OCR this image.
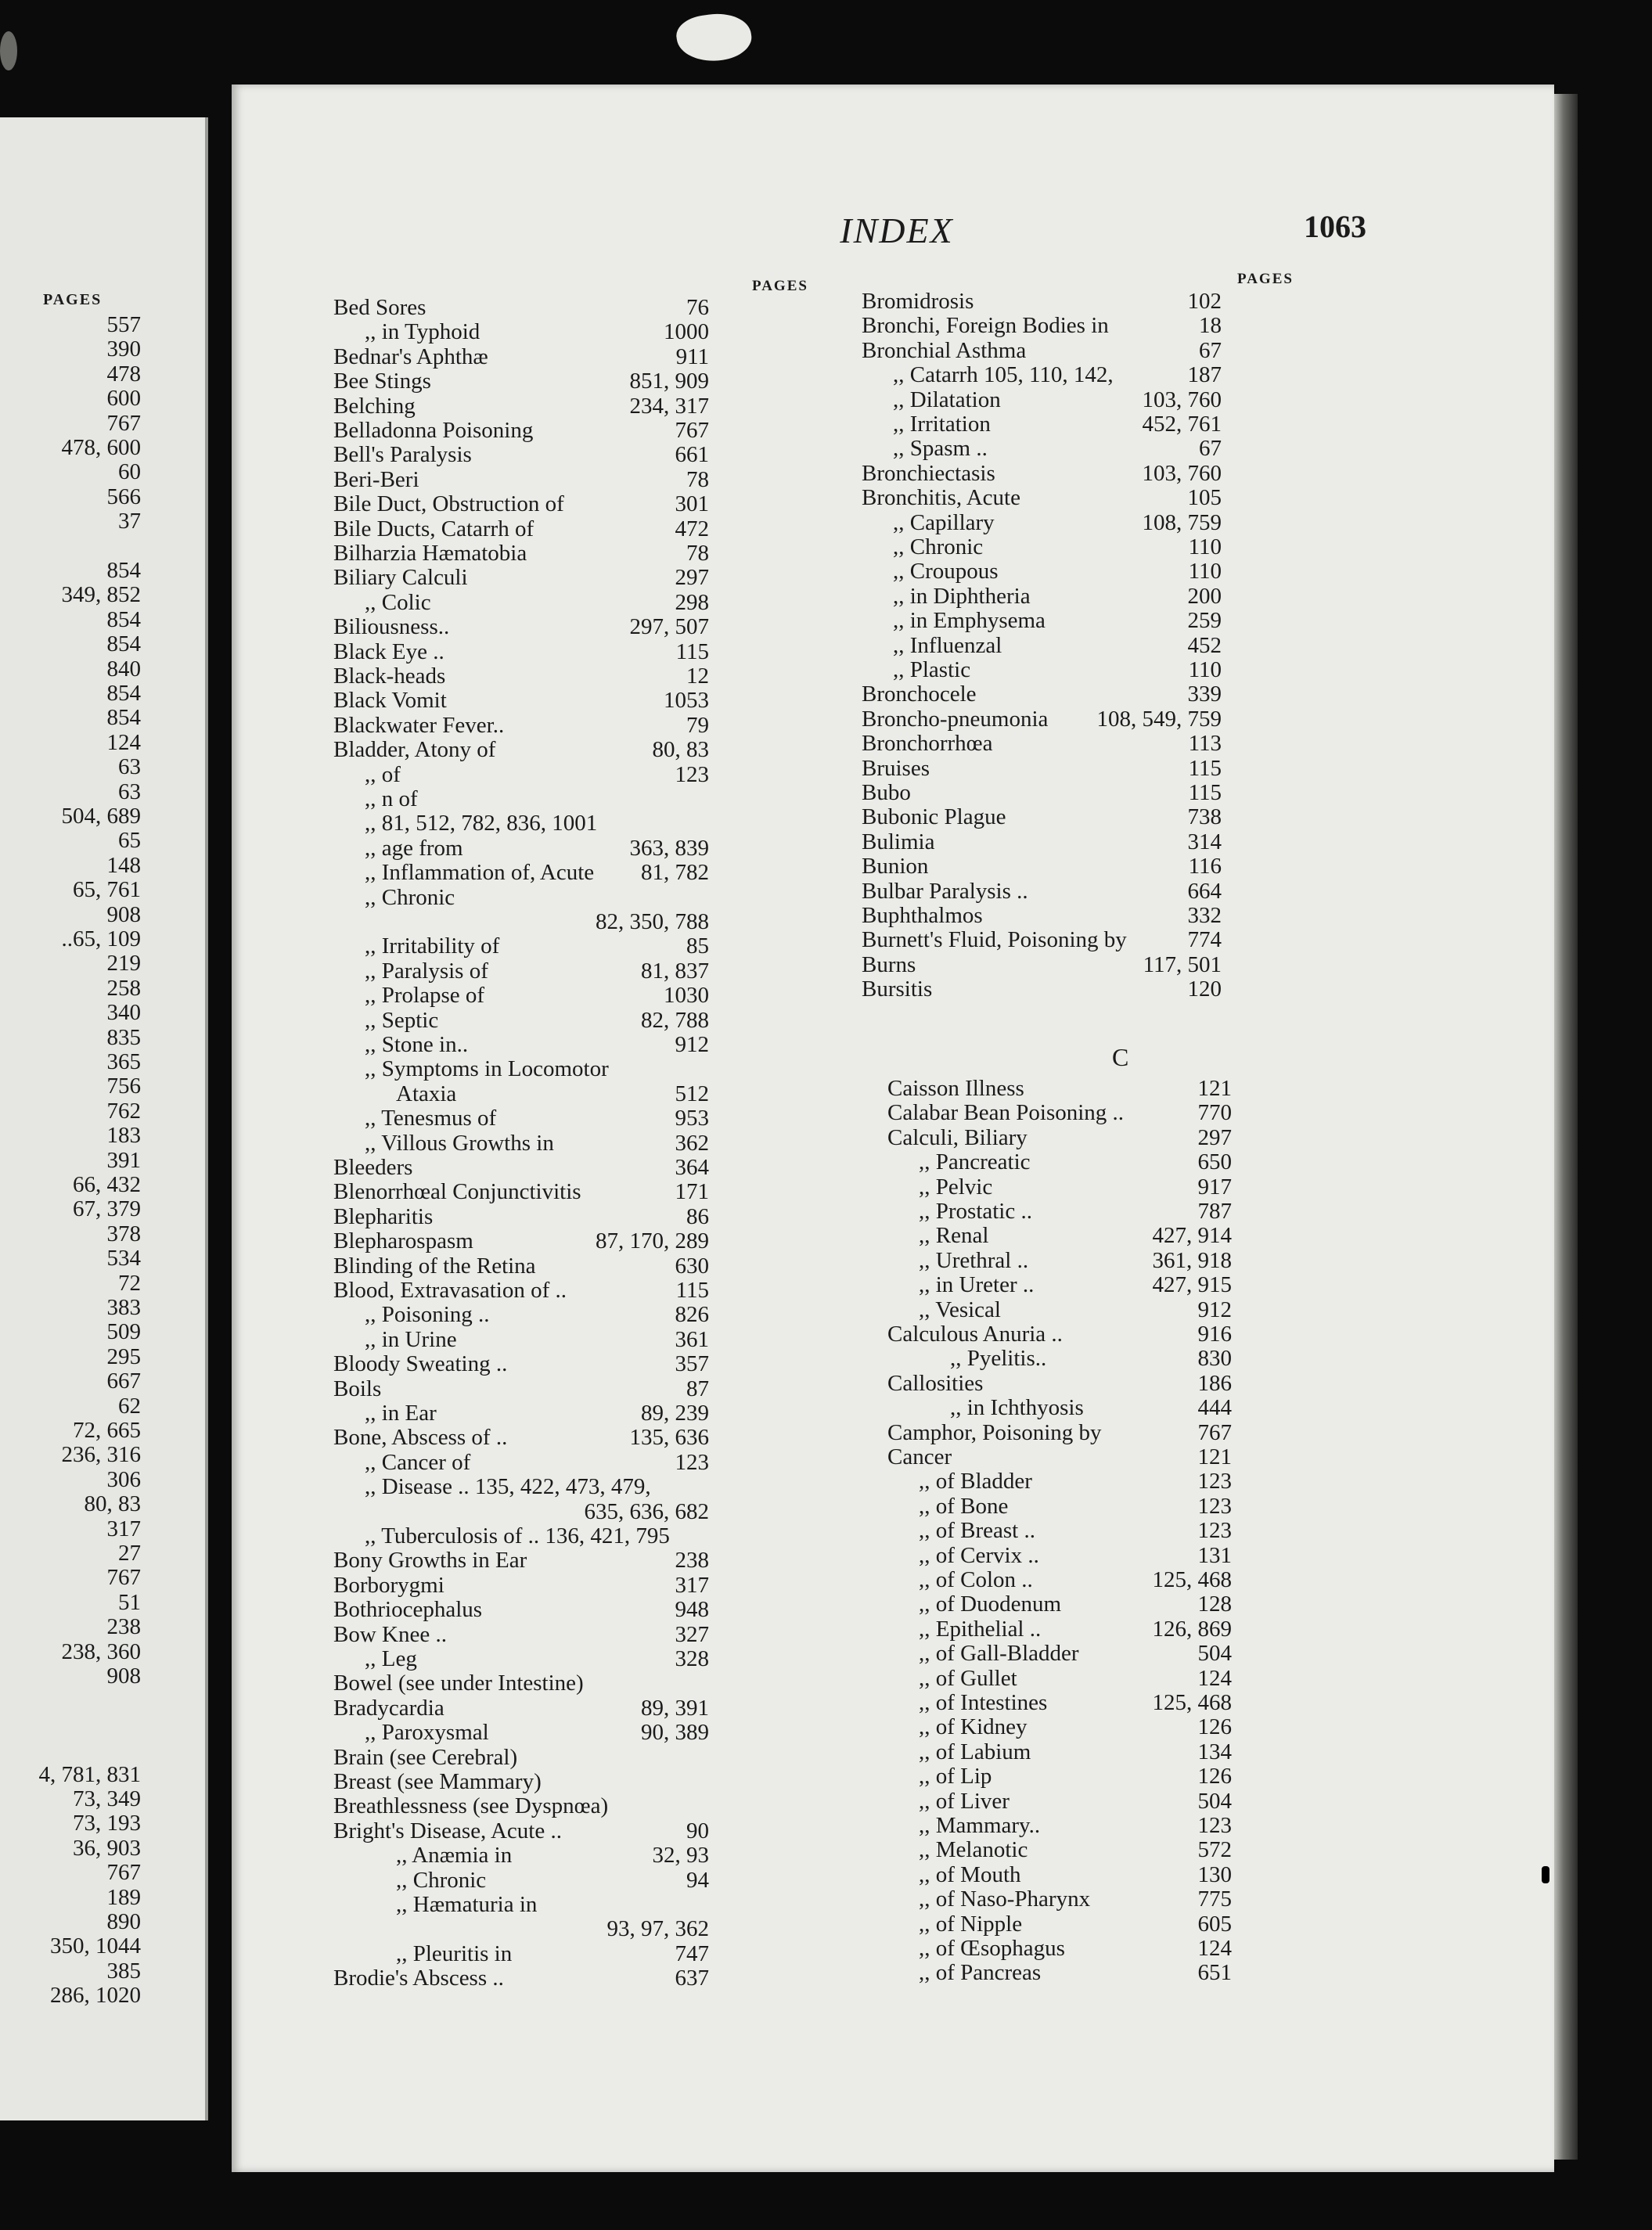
PAGES
557
390
478
600
767
478, 600
60
566
37
854
349, 852
854
854
840
854
854
124
63
63
504, 689
65
148
65, 761
908
..65, 109
219
258
340
835
365
756
762
183
391
66, 432
67, 379
378
534
72
383
509
295
667
62
72, 665
236, 316
306
80, 83
317
27
767
51
238
238, 360
908
4, 781, 831
73, 349
73, 193
36, 903
767
189
890
350, 1044
385
286, 1020
INDEX	1063
PAGES	PAGES
Bed Sores	76
,, in Typhoid	1000
Bednar's Aphthæ	911
Bee Stings	851, 909
Belching	234, 317
Belladonna Poisoning	767
Bell's Paralysis	661
Beri-Beri	78
Bile Duct, Obstruction of	301
Bile Ducts, Catarrh of	472
Bilharzia Hæmatobia	78
Biliary Calculi	297
,, Colic	298
Biliousness..	297, 507
Black Eye ..	115
Black-heads	12
Black Vomit	1053
Blackwater Fever..	79
Bladder, Atony of	80, 83
,, of	123
,, n of
,, 81, 512, 782, 836, 1001
,, age from	363, 839
,, Inflammation of, Acute 81, 782
,, Chronic
82, 350, 788
,, Irritability of	85
,, Paralysis of	81, 837
,, Prolapse of	1030
,, Septic	82, 788
,, Stone in..	912
,, Symptoms in Locomotor
Ataxia	512
,, Tenesmus of	953
,, Villous Growths in	362
Bleeders	364
Blenorrhœal Conjunctivitis	171
Blepharitis	86
Blepharospasm	87, 170, 289
Blinding of the Retina	630
Blood, Extravasation of ..	115
,, Poisoning ..	826
,, in Urine	361
Bloody Sweating ..	357
Boils	87
,, in Ear	89, 239
Bone, Abscess of ..	135, 636
,, Cancer of	123
,, Disease .. 135, 422, 473, 479,
635, 636, 682
,, Tuberculosis of .. 136, 421, 795
Bony Growths in Ear	238
Borborygmi	317
Bothriocephalus	948
Bow Knee ..	327
,, Leg	328
Bowel (see under Intestine)
Bradycardia	89, 391
,, Paroxysmal	90, 389
Brain (see Cerebral)
Breast (see Mammary)
Breathlessness (see Dyspnœa)
Bright's Disease, Acute ..	90
,, Anæmia in	32, 93
,, Chronic	94
,, Hæmaturia in
93, 97, 362
,, Pleuritis in	747
Brodie's Abscess ..	637
Bromidrosis	102
Bronchi, Foreign Bodies in	18
Bronchial Asthma	67
,, Catarrh 105, 110, 142,	187
,, Dilatation	103, 760
,, Irritation	452, 761
,, Spasm ..	67
Bronchiectasis	103, 760
Bronchitis, Acute	105
,, Capillary	108, 759
,, Chronic	110
,, Croupous	110
,, in Diphtheria	200
,, in Emphysema	259
,, Influenzal	452
,, Plastic	110
Bronchocele	339
Broncho-pneumonia 108, 549, 759
Bronchorrhœa	113
Bruises	115
Bubo	115
Bubonic Plague	738
Bulimia	314
Bunion	116
Bulbar Paralysis ..	664
Buphthalmos	332
Burnett's Fluid, Poisoning by	774
Burns	117, 501
Bursitis	120
C
Caisson Illness	121
Calabar Bean Poisoning ..	770
Calculi, Biliary	297
,, Pancreatic	650
,, Pelvic	917
,, Prostatic ..	787
,, Renal	427, 914
,, Urethral ..	361, 918
,, in Ureter ..	427, 915
,, Vesical	912
Calculous Anuria ..	916
,, Pyelitis..	830
Callosities	186
,, in Ichthyosis	444
Camphor, Poisoning by	767
Cancer	121
,, of Bladder	123
,, of Bone	123
,, of Breast ..	123
,, of Cervix ..	131
,, of Colon ..	125, 468
,, of Duodenum	128
,, Epithelial ..	126, 869
,, of Gall-Bladder	504
,, of Gullet	124
,, of Intestines	125, 468
,, of Kidney	126
,, of Labium	134
,, of Lip	126
,, of Liver	504
,, Mammary..	123
,, Melanotic	572
,, of Mouth	130
,, of Naso-Pharynx	775
,, of Nipple	605
,, of Œsophagus	124
,, of Pancreas	651
